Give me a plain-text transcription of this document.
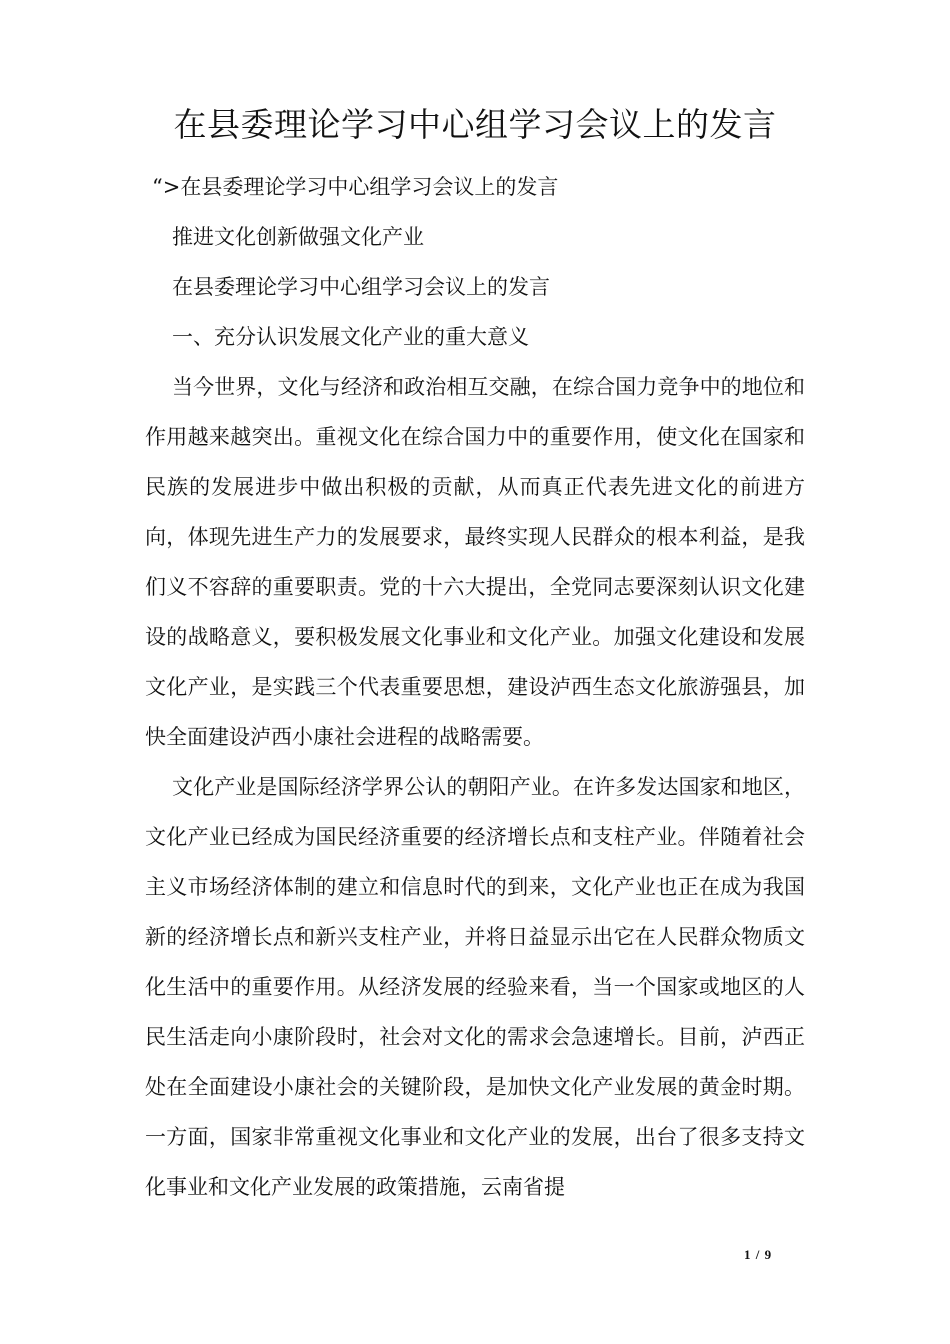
在县委理论学习中心组学习会议上的发言
“>在县委理论学习中心组学习会议上的发言
推进文化创新做强文化产业
在县委理论学习中心组学习会议上的发言
一、充分认识发展文化产业的重大意义

当今世界，文化与经济和政治相互交融，在综合国力竞争中的地位和作用越来越突出。重视文化在综合国力中的重要作用，使文化在国家和民族的发展进步中做出积极的贡献，从而真正代表先进文化的前进方向，体现先进生产力的发展要求，最终实现人民群众的根本利益，是我们义不容辞的重要职责。党的十六大提出，全党同志要深刻认识文化建设的战略意义，要积极发展文化事业和文化产业。加强文化建设和发展文化产业，是实践三个代表重要思想，建设泸西生态文化旅游强县，加快全面建设泸西小康社会进程的战略需要。

文化产业是国际经济学界公认的朝阳产业。在许多发达国家和地区，文化产业已经成为国民经济重要的经济增长点和支柱产业。伴随着社会主义市场经济体制的建立和信息时代的到来，文化产业也正在成为我国新的经济增长点和新兴支柱产业，并将日益显示出它在人民群众物质文化生活中的重要作用。从经济发展的经验来看，当一个国家或地区的人民生活走向小康阶段时，社会对文化的需求会急速增长。目前，泸西正处在全面建设小康社会的关键阶段，是加快文化产业发展的黄金时期。一方面，国家非常重视文化事业和文化产业的发展，出台了很多支持文化事业和文化产业发展的政策措施，云南省提

1 / 9
